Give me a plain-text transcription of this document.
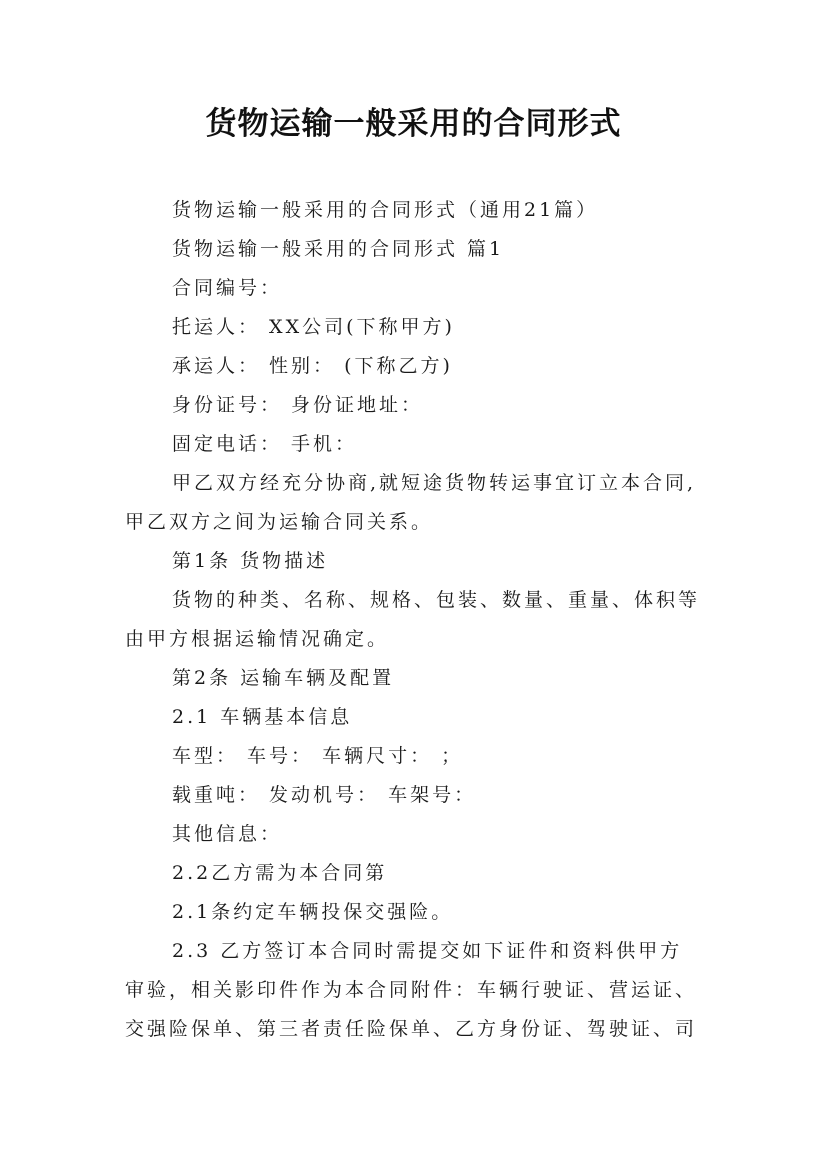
货物运输一般采用的合同形式
货物运输一般采用的合同形式（通用21篇）
货物运输一般采用的合同形式 篇1
合同编号：
托运人： XX公司(下称甲方)
承运人： 性别： (下称乙方)
身份证号： 身份证地址：
固定电话： 手机：
甲乙双方经充分协商,就短途货物转运事宜订立本合同,
甲乙双方之间为运输合同关系。
第1条 货物描述
货物的种类、名称、规格、包装、数量、重量、体积等
由甲方根据运输情况确定。
第2条 运输车辆及配置
2.1 车辆基本信息
车型： 车号： 车辆尺寸： ；
载重吨： 发动机号： 车架号：
其他信息：
2.2乙方需为本合同第
2.1条约定车辆投保交强险。
2.3 乙方签订本合同时需提交如下证件和资料供甲方
审验，相关影印件作为本合同附件：车辆行驶证、营运证、
交强险保单、第三者责任险保单、乙方身份证、驾驶证、司
